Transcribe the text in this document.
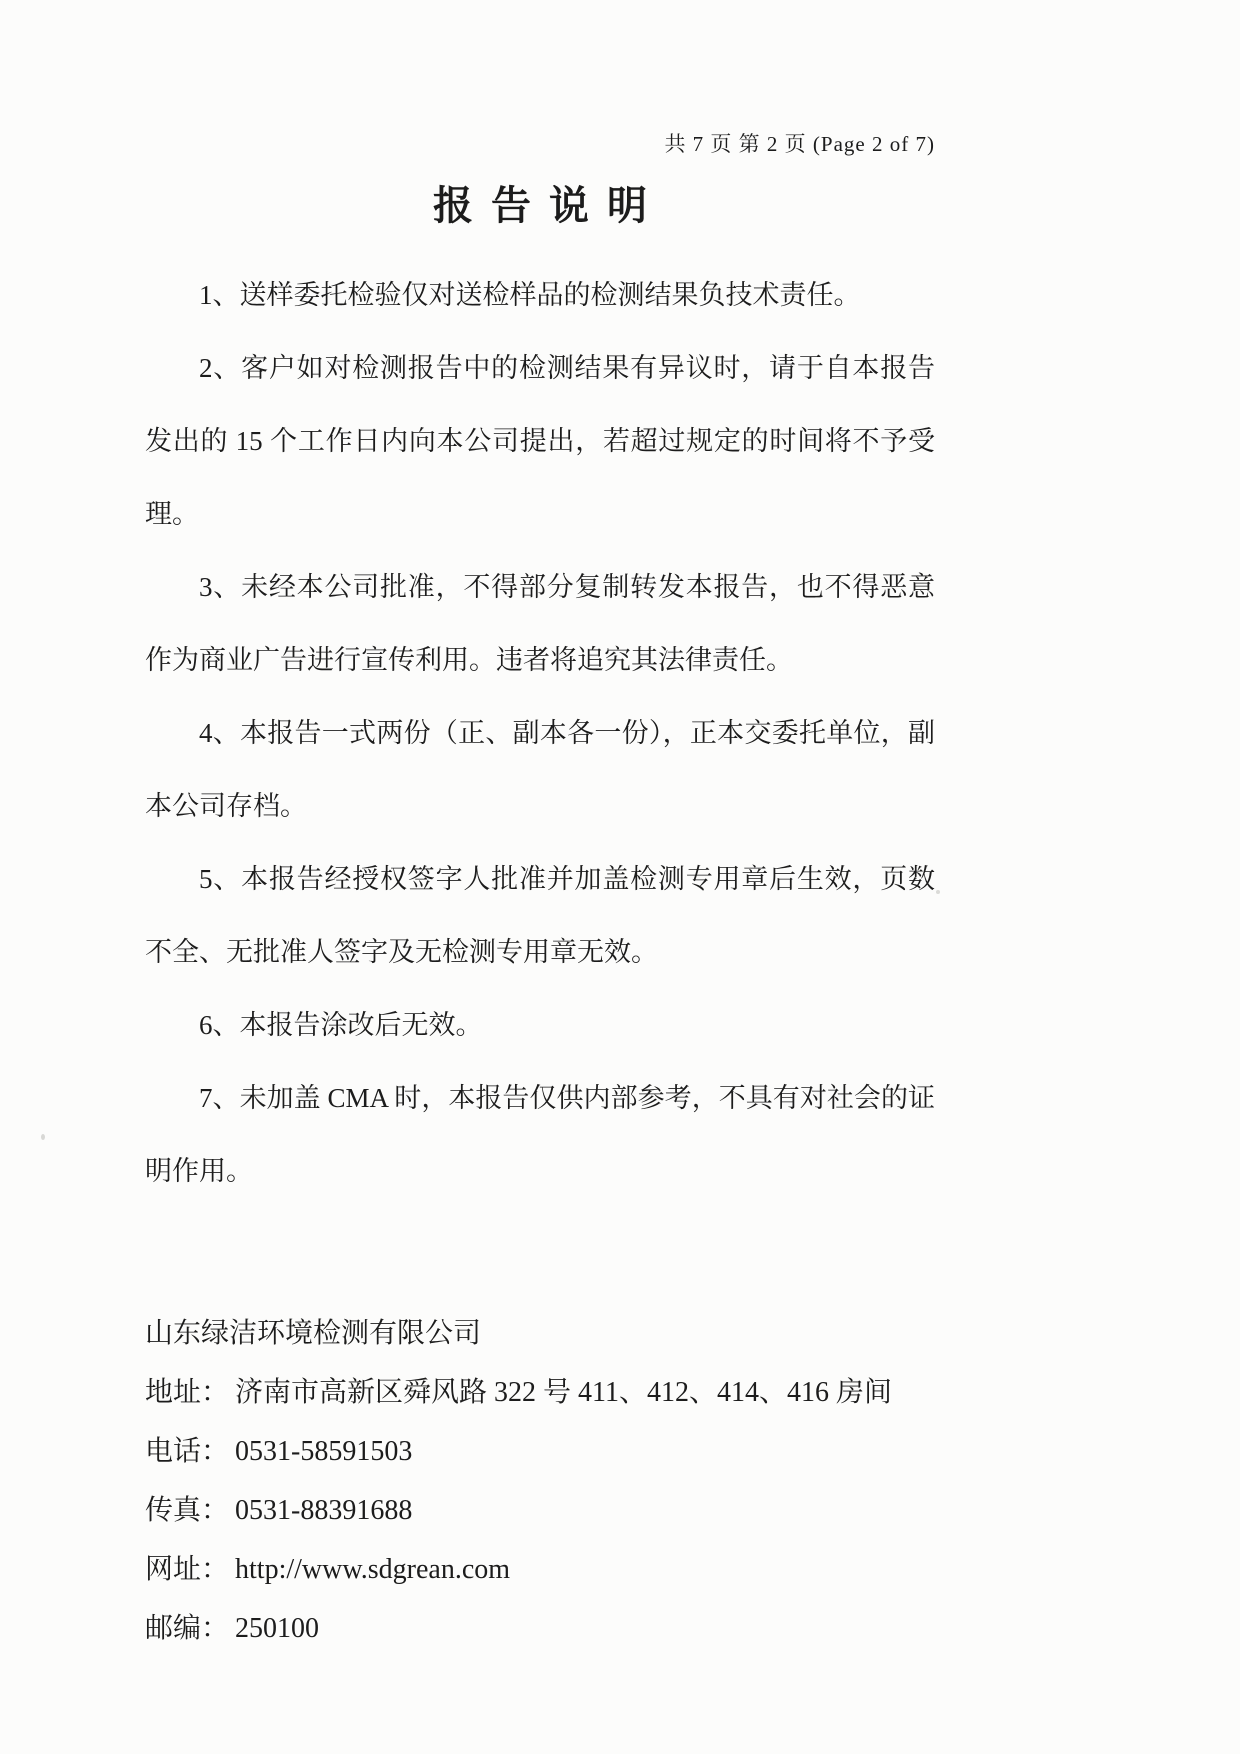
共 7 页 第 2 页 (Page 2 of 7)
报告说明

1、送样委托检验仅对送检样品的检测结果负技术责任。

2、客户如对检测报告中的检测结果有异议时，请于自本报告发出的 15 个工作日内向本公司提出，若超过规定的时间将不予受理。

3、未经本公司批准，不得部分复制转发本报告，也不得恶意作为商业广告进行宣传利用。违者将追究其法律责任。

4、本报告一式两份（正、副本各一份），正本交委托单位，副本公司存档。

5、本报告经授权签字人批准并加盖检测专用章后生效，页数不全、无批准人签字及无检测专用章无效。

6、本报告涂改后无效。

7、未加盖 CMA 时，本报告仅供内部参考，不具有对社会的证明作用。

山东绿洁环境检测有限公司
地址： 济南市高新区舜风路 322 号 411、412、414、416 房间
电话： 0531-58591503
传真： 0531-88391688
网址： http://www.sdgrean.com
邮编： 250100
